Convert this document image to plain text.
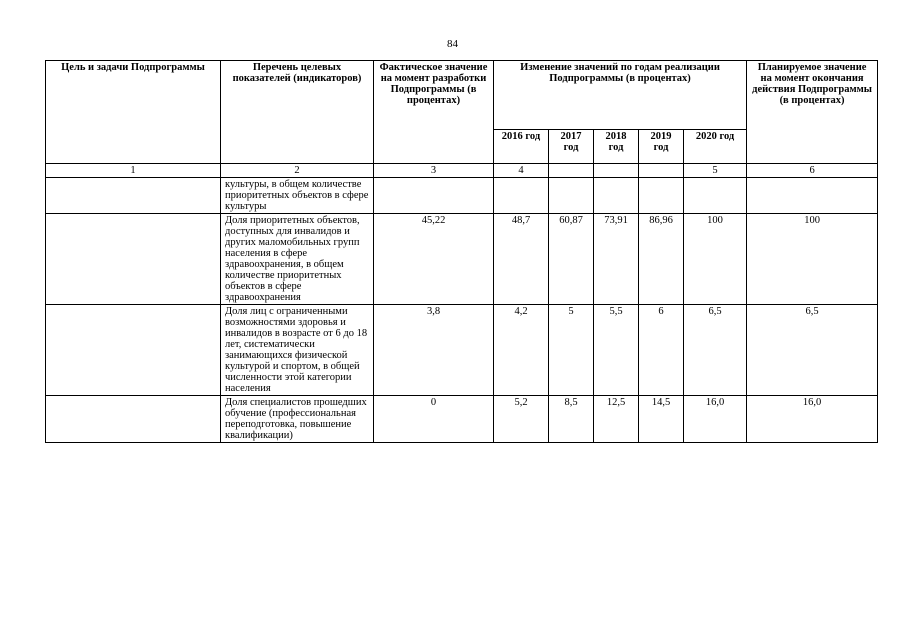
84
Цель и задачи Подпрограммы	Перечень целевых показателей (индикаторов)	Фактическое значение на момент разработки Подпрограммы (в процентах)	Изменение значений по годам реализации Подпрограммы (в процентах)					Планируемое значение на момент окончания действия Подпрограммы (в процентах)
			2016 год	2017 год	2018 год	2019 год	2020 год	
1	2	3	4				5	6
	культуры, в общем количестве приоритетных объектов в сфере культуры							
	Доля приоритетных объектов, доступных для инвалидов и других маломобильных групп населения в сфере здравоохранения, в общем количестве приоритетных объектов в сфере здравоохранения	45,22	48,7	60,87	73,91	86,96	100	100
	Доля лиц с ограниченными возможностями здоровья и инвалидов в возрасте от 6 до 18 лет, систематически занимающихся физической культурой и спортом, в общей численности этой категории населения	3,8	4,2	5	5,5	6	6,5	6,5
	Доля специалистов прошедших обучение (профессиональная переподготовка, повышение квалификации)	0	5,2	8,5	12,5	14,5	16,0	16,0
